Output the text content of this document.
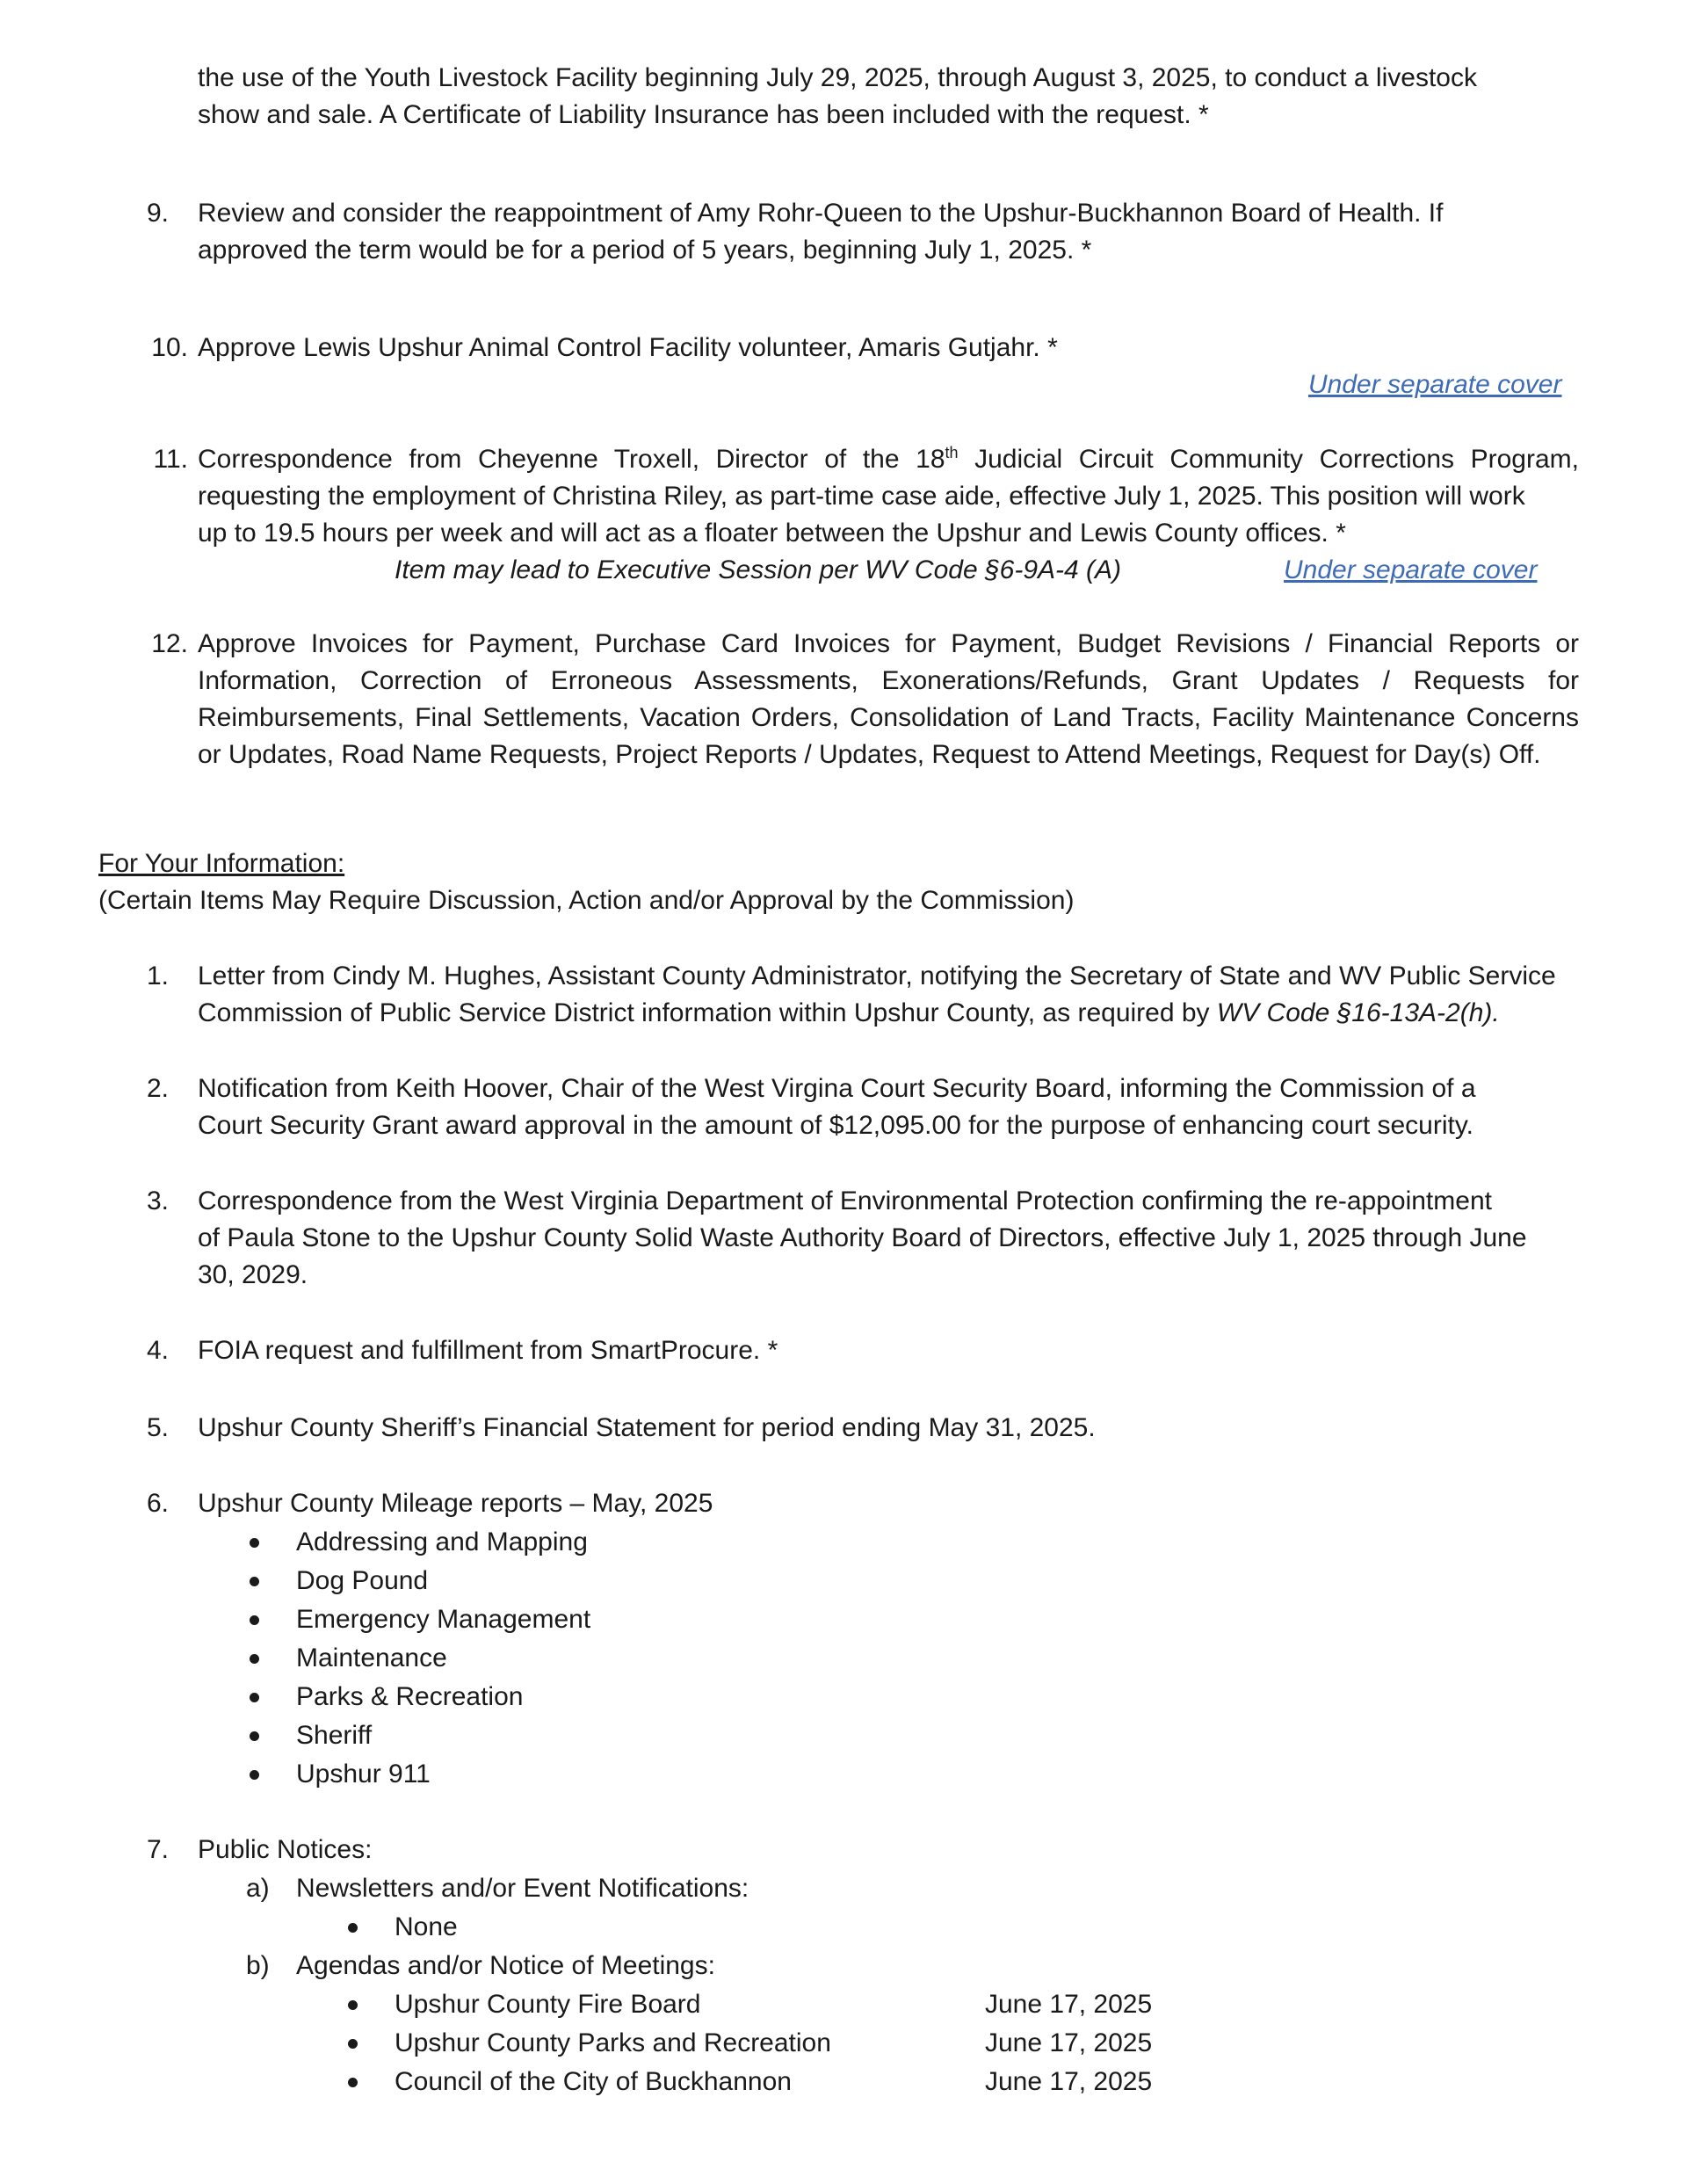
the use of the Youth Livestock Facility beginning July 29, 2025, through August 3, 2025, to conduct a livestock
show and sale. A Certificate of Liability Insurance has been included with the request. *
9. Review and consider the reappointment of Amy Rohr-Queen to the Upshur-Buckhannon Board of Health. If
approved the term would be for a period of 5 years, beginning July 1, 2025. *
10. Approve Lewis Upshur Animal Control Facility volunteer, Amaris Gutjahr. *
Under separate cover
11. Correspondence from Cheyenne Troxell, Director of the 18th Judicial Circuit Community Corrections Program,
requesting the employment of Christina Riley, as part-time case aide, effective July 1, 2025. This position will work
up to 19.5 hours per week and will act as a floater between the Upshur and Lewis County offices. *
Item may lead to Executive Session per WV Code §6-9A-4 (A)	Under separate cover
12. Approve Invoices for Payment, Purchase Card Invoices for Payment, Budget Revisions / Financial Reports or
Information, Correction of Erroneous Assessments, Exonerations/Refunds, Grant Updates / Requests for
Reimbursements, Final Settlements, Vacation Orders, Consolidation of Land Tracts, Facility Maintenance Concerns
or Updates, Road Name Requests, Project Reports / Updates, Request to Attend Meetings, Request for Day(s) Off.
For Your Information:
(Certain Items May Require Discussion, Action and/or Approval by the Commission)
1. Letter from Cindy M. Hughes, Assistant County Administrator, notifying the Secretary of State and WV Public Service
Commission of Public Service District information within Upshur County, as required by WV Code §16-13A-2(h).
2. Notification from Keith Hoover, Chair of the West Virgina Court Security Board, informing the Commission of a
Court Security Grant award approval in the amount of $12,095.00 for the purpose of enhancing court security.
3. Correspondence from the West Virginia Department of Environmental Protection confirming the re-appointment
of Paula Stone to the Upshur County Solid Waste Authority Board of Directors, effective July 1, 2025 through June
30, 2029.
4. FOIA request and fulfillment from SmartProcure. *
5. Upshur County Sheriff’s Financial Statement for period ending May 31, 2025.
6. Upshur County Mileage reports – May, 2025
Addressing and Mapping
Dog Pound
Emergency Management
Maintenance
Parks & Recreation
Sheriff
Upshur 911
7. Public Notices:
a) Newsletters and/or Event Notifications:
None
b) Agendas and/or Notice of Meetings:
Upshur County Fire Board	June 17, 2025
Upshur County Parks and Recreation	June 17, 2025
Council of the City of Buckhannon	June 17, 2025
